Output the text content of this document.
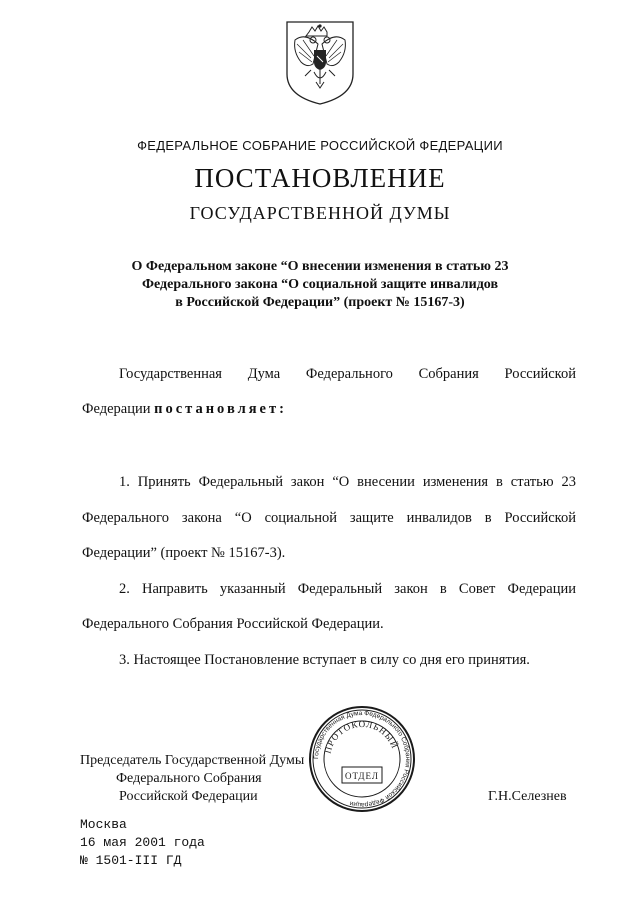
ФЕДЕРАЛЬНОЕ СОБРАНИЕ РОССИЙСКОЙ ФЕДЕРАЦИИ
ПОСТАНОВЛЕНИЕ
ГОСУДАРСТВЕННОЙ ДУМЫ
О Федеральном законе “О внесении изменения в статью 23
Федерального закона “О социальной защите инвалидов
в Российской Федерации” (проект № 15167-3)
Государственная Дума Федерального Собрания Российской
Федерации постановляет:
1. Принять Федеральный закон “О внесении изменения в статью 23
Федерального закона “О социальной защите инвалидов в Российской
Федерации” (проект № 15167-3).
2. Направить указанный Федеральный закон в Совет Федерации
Федерального Собрания Российской Федерации.
3. Настоящее Постановление вступает в силу со дня его принятия.
Председатель Государственной Думы
Федерального Собрания
Российской Федерации	Г.Н.Селезнев
Государственная Дума Федерального Собрания Российской Федерации
ПРОТОКОЛЬНЫЙ
ОТДЕЛ
Москва
16 мая 2001 года
№ 1501-III ГД
